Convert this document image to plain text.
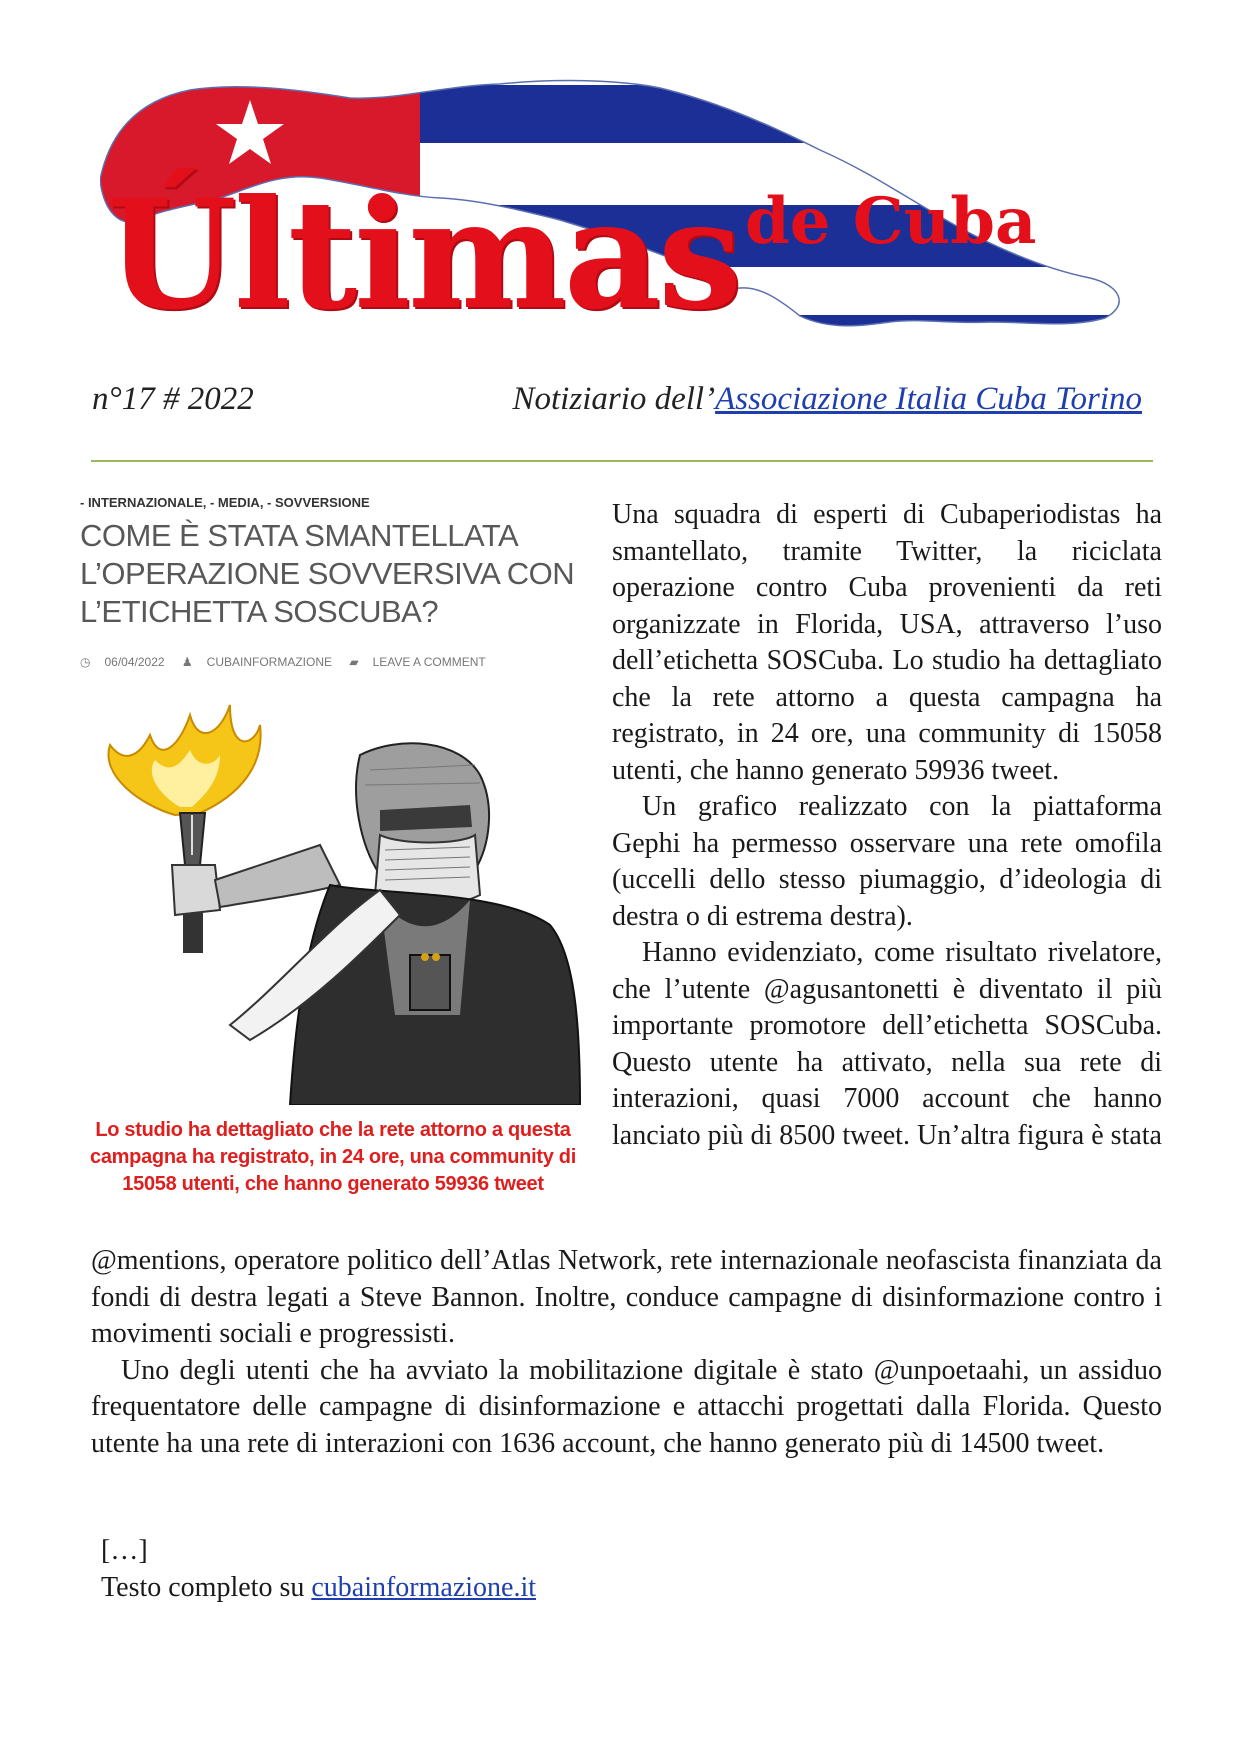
Últimas de Cuba
n°17 # 2022	Notiziario dell’Associazione Italia Cuba Torino
- INTERNAZIONALE, - MEDIA, - SOVVERSIONE
COME È STATA SMANTELLATA L’OPERAZIONE SOVVERSIVA CON L’ETICHETTA SOSCUBA?
◷ 06/04/2022 ♟ CUBAINFORMAZIONE ▰ LEAVE A COMMENT
Lo studio ha dettagliato che la rete attorno a questa campagna ha registrato, in 24 ore, una community di 15058 utenti, che hanno generato 59936 tweet

Una squadra di esperti di Cubaperiodistas ha smantellato, tramite Twitter, la riciclata operazione contro Cuba provenienti da reti organizzate in Florida, USA, attraverso l’uso dell’etichetta SOSCuba. Lo studio ha dettagliato che la rete attorno a questa campagna ha registrato, in 24 ore, una community di 15058 utenti, che hanno generato 59936 tweet.

Un grafico realizzato con la piattaforma Gephi ha permesso osservare una rete omofila (uccelli dello stesso piumaggio, d’ideologia di destra o di estrema destra).

Hanno evidenziato, come risultato rivelatore, che l’utente @agusantonetti è diventato il più importante promotore dell’etichetta SOSCuba. Questo utente ha attivato, nella sua rete di interazioni, quasi 7000 account che hanno lanciato più di 8500 tweet. Un’altra figura è stata

@mentions, operatore politico dell’Atlas Network, rete internazionale neofascista finanziata da fondi di destra legati a Steve Bannon. Inoltre, conduce campagne di disinformazione contro i movimenti sociali e progressisti.

Uno degli utenti che ha avviato la mobilitazione digitale è stato @unpoetaahi, un assiduo frequentatore delle campagne di disinformazione e attacchi progettati dalla Florida. Questo utente ha una rete di interazioni con 1636 account, che hanno generato più di 14500 tweet.

[…]
Testo completo su cubainformazione.it
